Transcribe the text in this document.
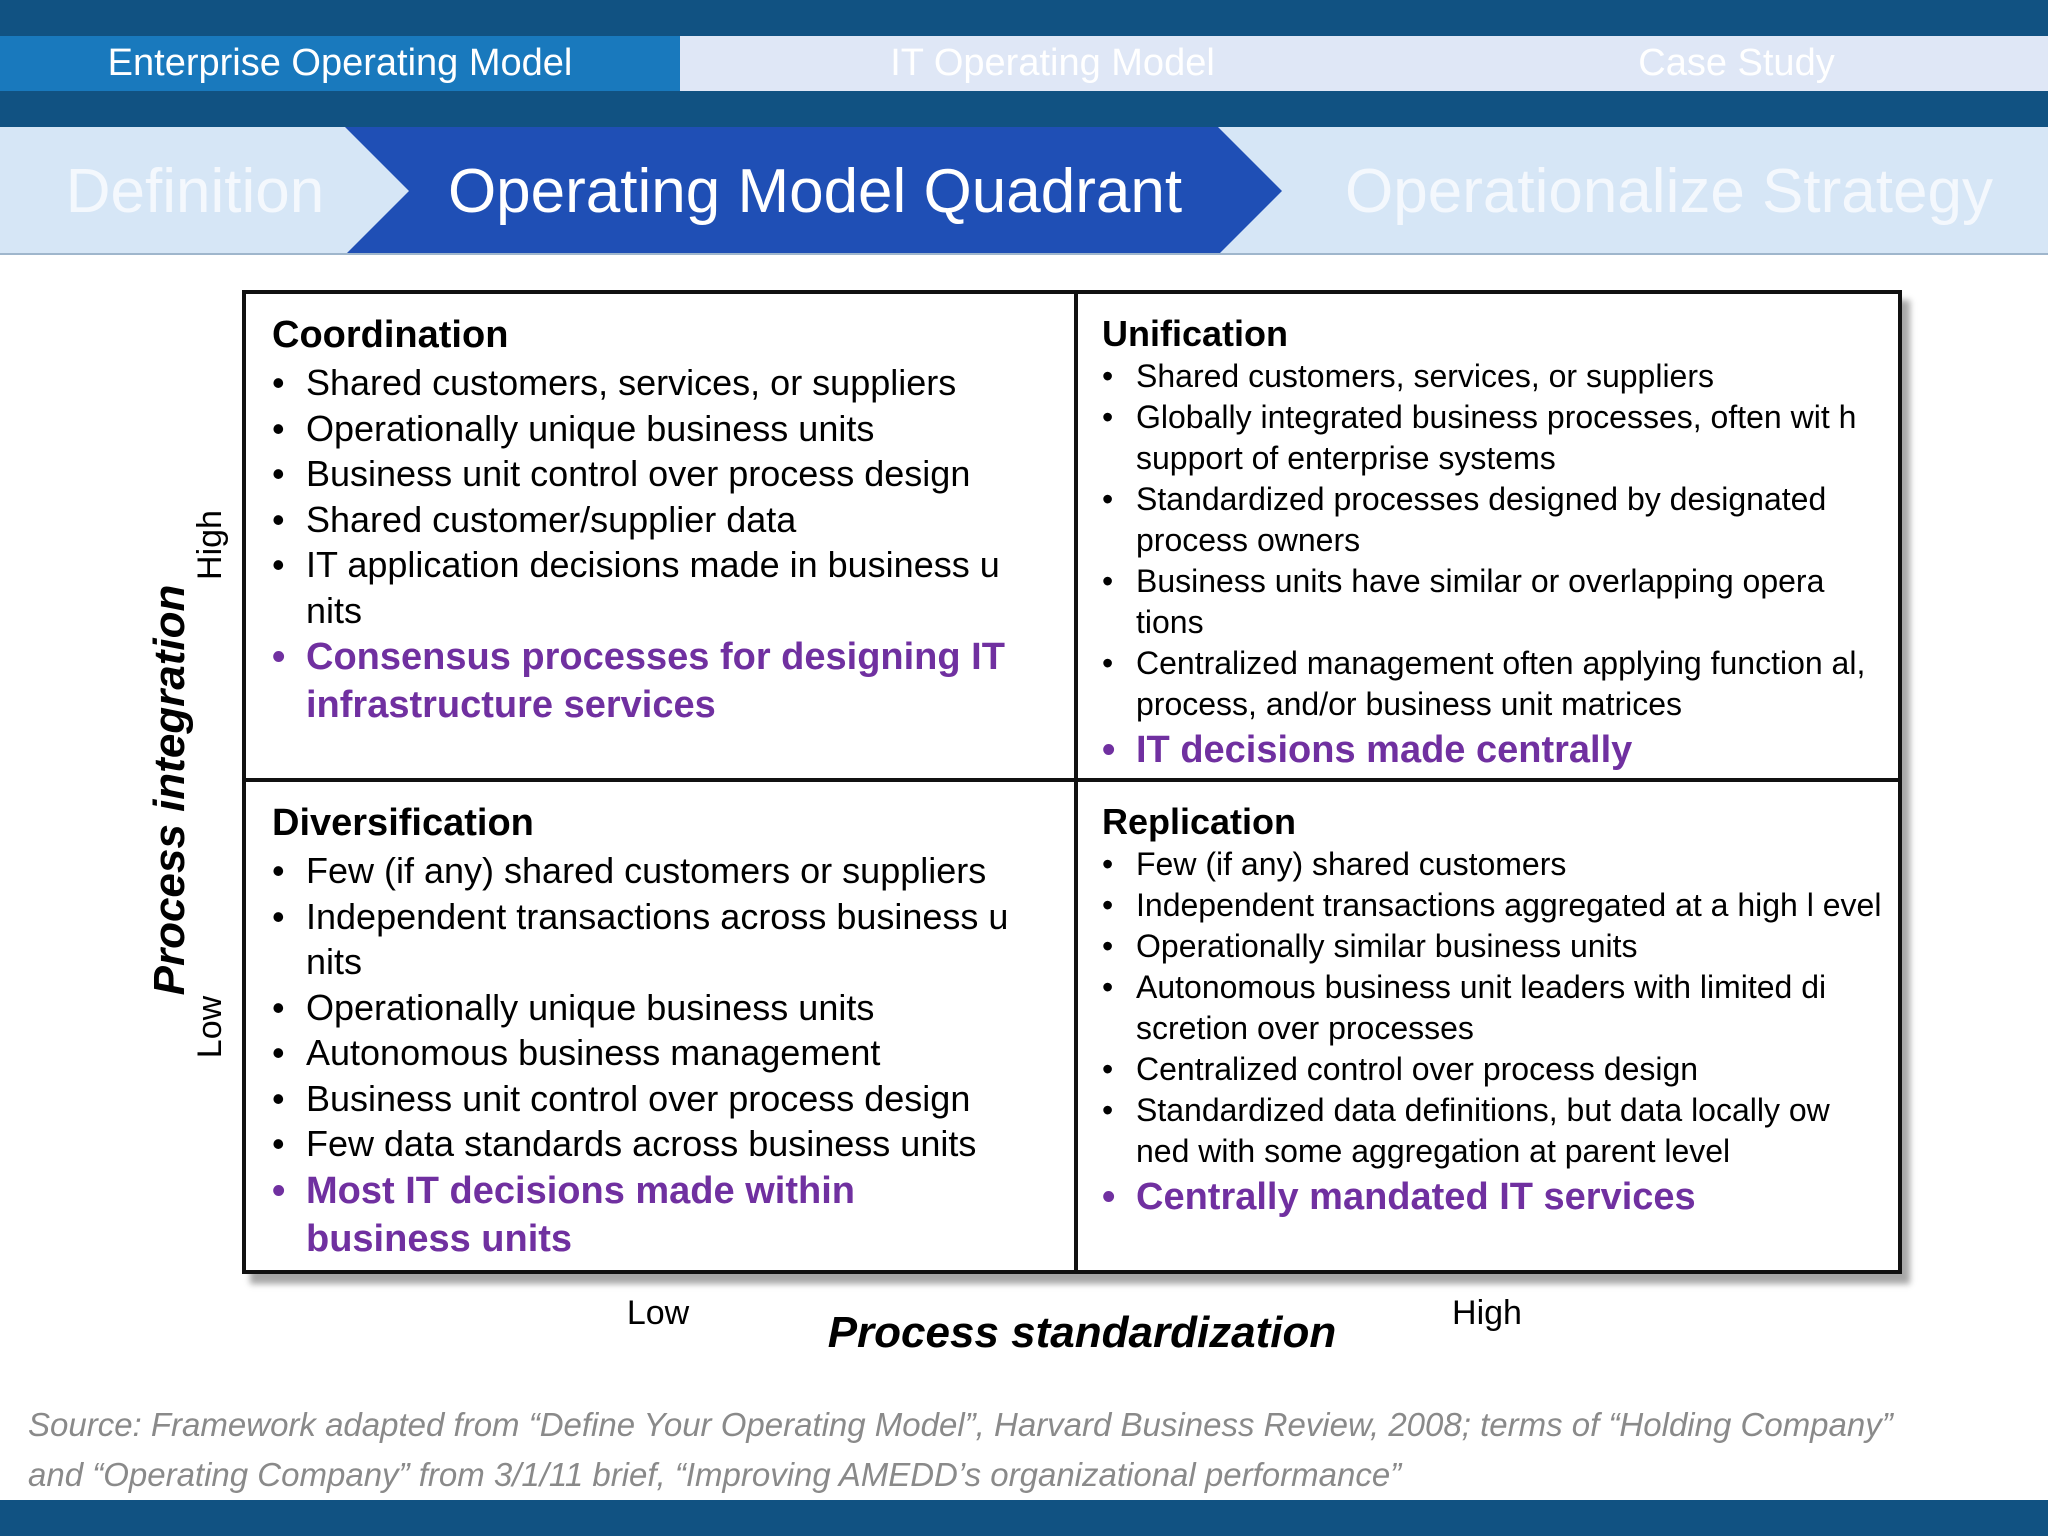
Enterprise Operating Model	IT Operating Model	Case Study
Definition	Operating Model Quadrant	Operationalize Strategy
Coordination
• Shared customers, services, or suppliers
• Operationally unique business units
• Business unit control over process design
• Shared customer/supplier data
• IT application decisions made in business u nits
• Consensus processes for designing IT infrastructure services
Unification
• Shared customers, services, or suppliers
• Globally integrated business processes, often wit h support of enterprise systems
• Standardized processes designed by designated process owners
• Business units have similar or overlapping opera tions
• Centralized management often applying function al, process, and/or business unit matrices
• IT decisions made centrally
Diversification
• Few (if any) shared customers or suppliers
• Independent transactions across business u nits
• Operationally unique business units
• Autonomous business management
• Business unit control over process design
• Few data standards across business units
• Most IT decisions made within business units
Replication
• Few (if any) shared customers
• Independent transactions aggregated at a high l evel
• Operationally similar business units
• Autonomous business unit leaders with limited di scretion over processes
• Centralized control over process design
• Standardized data definitions, but data locally ow ned with some aggregation at parent level
• Centrally mandated IT services
Process integration
High
Low
Low	Process standardization	High
Source: Framework adapted from “Define Your Operating Model”, Harvard Business Review, 2008; terms of “Holding Company”
and “Operating Company” from 3/1/11 brief, “Improving AMEDD’s organizational performance”
